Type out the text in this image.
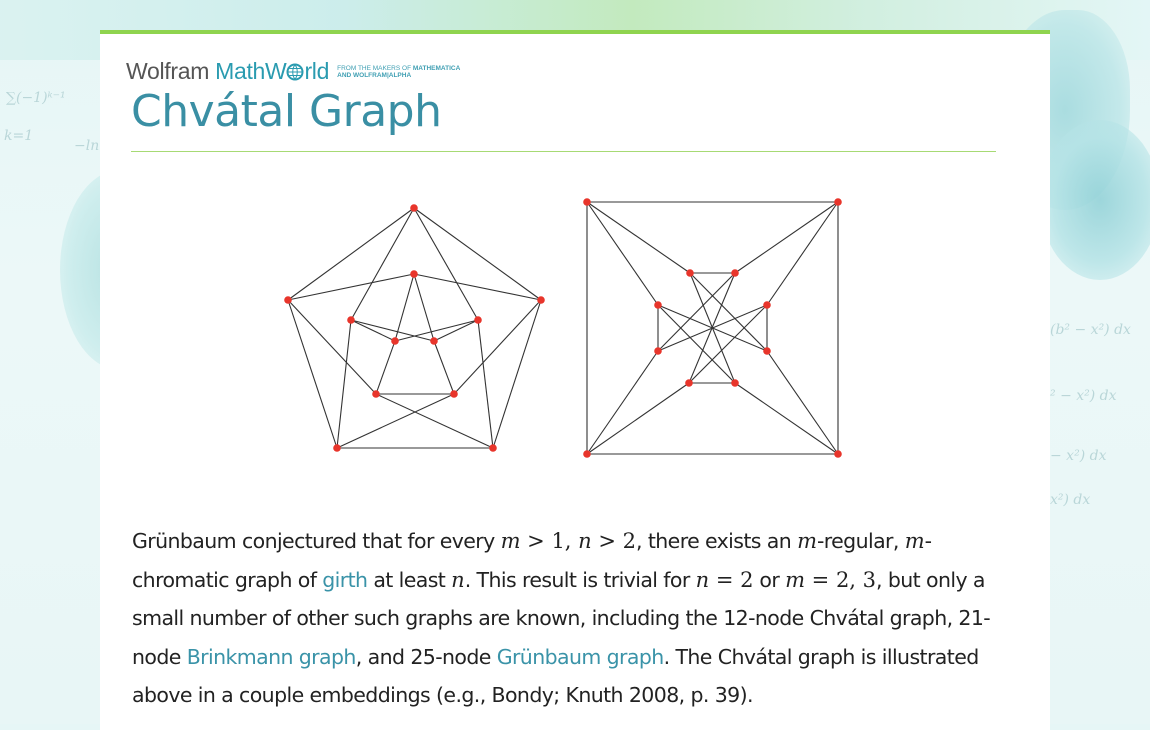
∑(−1)ᵏ⁻¹
k=1
−ln
(b² − x²) dx
² − x²) dx
− x²) dx
x²) dx
Wolfram MathW rld FROM THE MAKERS OF MATHEMATICA
AND WOLFRAM|ALPHA
Chvátal Graph
Grünbaum conjectured that for every m > 1, n > 2, there exists an m-regular, m-chromatic graph of girth at least n. This result is trivial for n = 2 or m = 2, 3, but only a small number of other such graphs are known, including the 12-node Chvátal graph, 21-node Brinkmann graph, and 25-node Grünbaum graph. The Chvátal graph is illustrated above in a couple embeddings (e.g., Bondy; Knuth 2008, p. 39).
